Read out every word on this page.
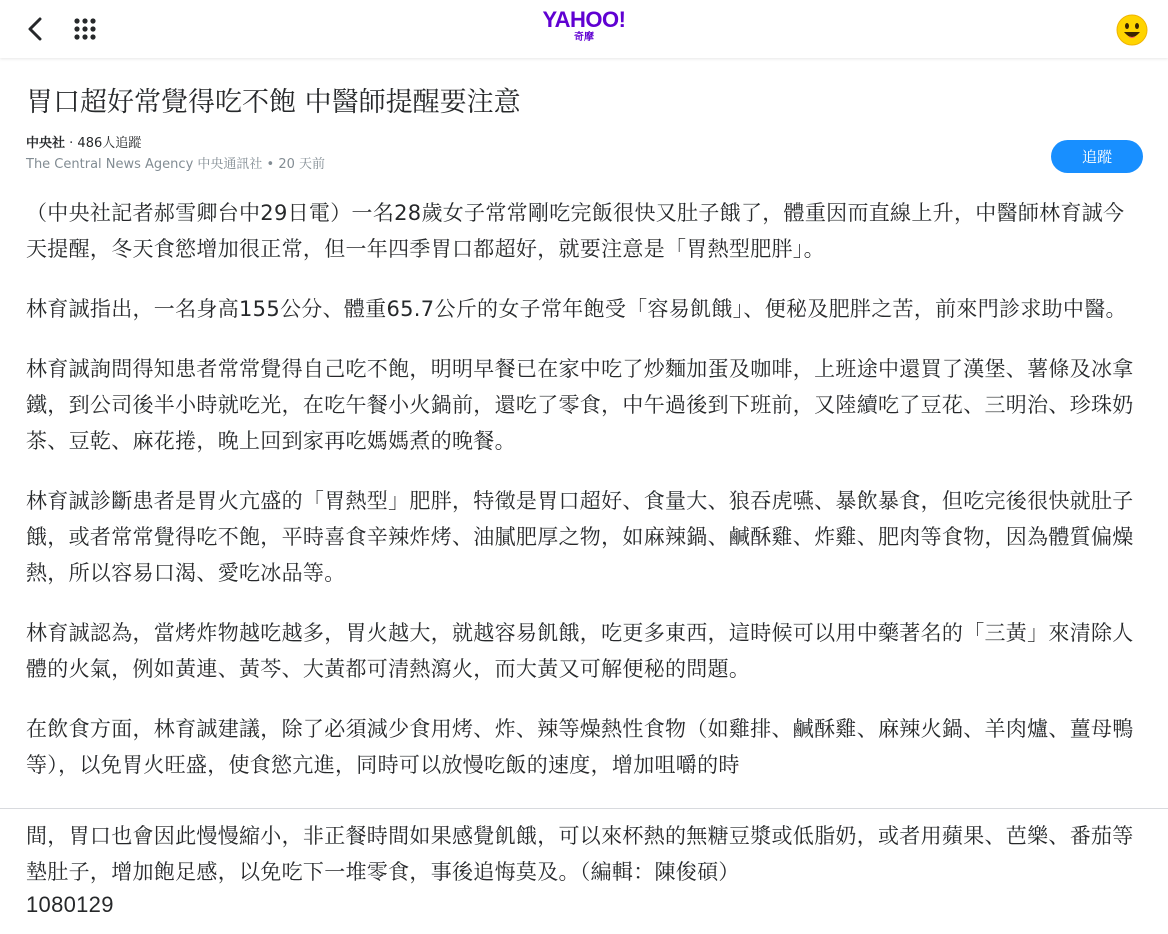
YAHOO!
奇摩
胃口超好常覺得吃不飽 中醫師提醒要注意
中央社 · 486人追蹤
The Central News Agency 中央通訊社 • 20 天前	追蹤

（中央社記者郝雪卿台中29日電）一名28歲女子常常剛吃完飯很快又肚子餓了，體重因而直線上升，中醫師林育誠今天提醒，冬天食慾增加很正常，但一年四季胃口都超好，就要注意是「胃熱型肥胖」。

林育誠指出，一名身高155公分、體重65.7公斤的女子常年飽受「容易飢餓」、便秘及肥胖之苦，前來門診求助中醫。

林育誠詢問得知患者常常覺得自己吃不飽，明明早餐已在家中吃了炒麵加蛋及咖啡，上班途中還買了漢堡、薯條及冰拿鐵，到公司後半小時就吃光，在吃午餐小火鍋前，還吃了零食，中午過後到下班前，又陸續吃了豆花、三明治、珍珠奶茶、豆乾、麻花捲，晚上回到家再吃媽媽煮的晚餐。

林育誠診斷患者是胃火亢盛的「胃熱型」肥胖，特徵是胃口超好、食量大、狼吞虎嚥、暴飲暴食，但吃完後很快就肚子餓，或者常常覺得吃不飽，平時喜食辛辣炸烤、油膩肥厚之物，如麻辣鍋、鹹酥雞、炸雞、肥肉等食物，因為體質偏燥熱，所以容易口渴、愛吃冰品等。

林育誠認為，當烤炸物越吃越多，胃火越大，就越容易飢餓，吃更多東西，這時候可以用中藥著名的「三黃」來清除人體的火氣，例如黃連、黃芩、大黃都可清熱瀉火，而大黃又可解便秘的問題。

在飲食方面，林育誠建議，除了必須減少食用烤、炸、辣等燥熱性食物（如雞排、鹹酥雞、麻辣火鍋、羊肉爐、薑母鴨等），以免胃火旺盛，使食慾亢進，同時可以放慢吃飯的速度，增加咀嚼的時

間，胃口也會因此慢慢縮小，非正餐時間如果感覺飢餓，可以來杯熱的無糖豆漿或低脂奶，或者用蘋果、芭樂、番茄等墊肚子，增加飽足感，以免吃下一堆零食，事後追悔莫及。（編輯：陳俊碩）

1080129
